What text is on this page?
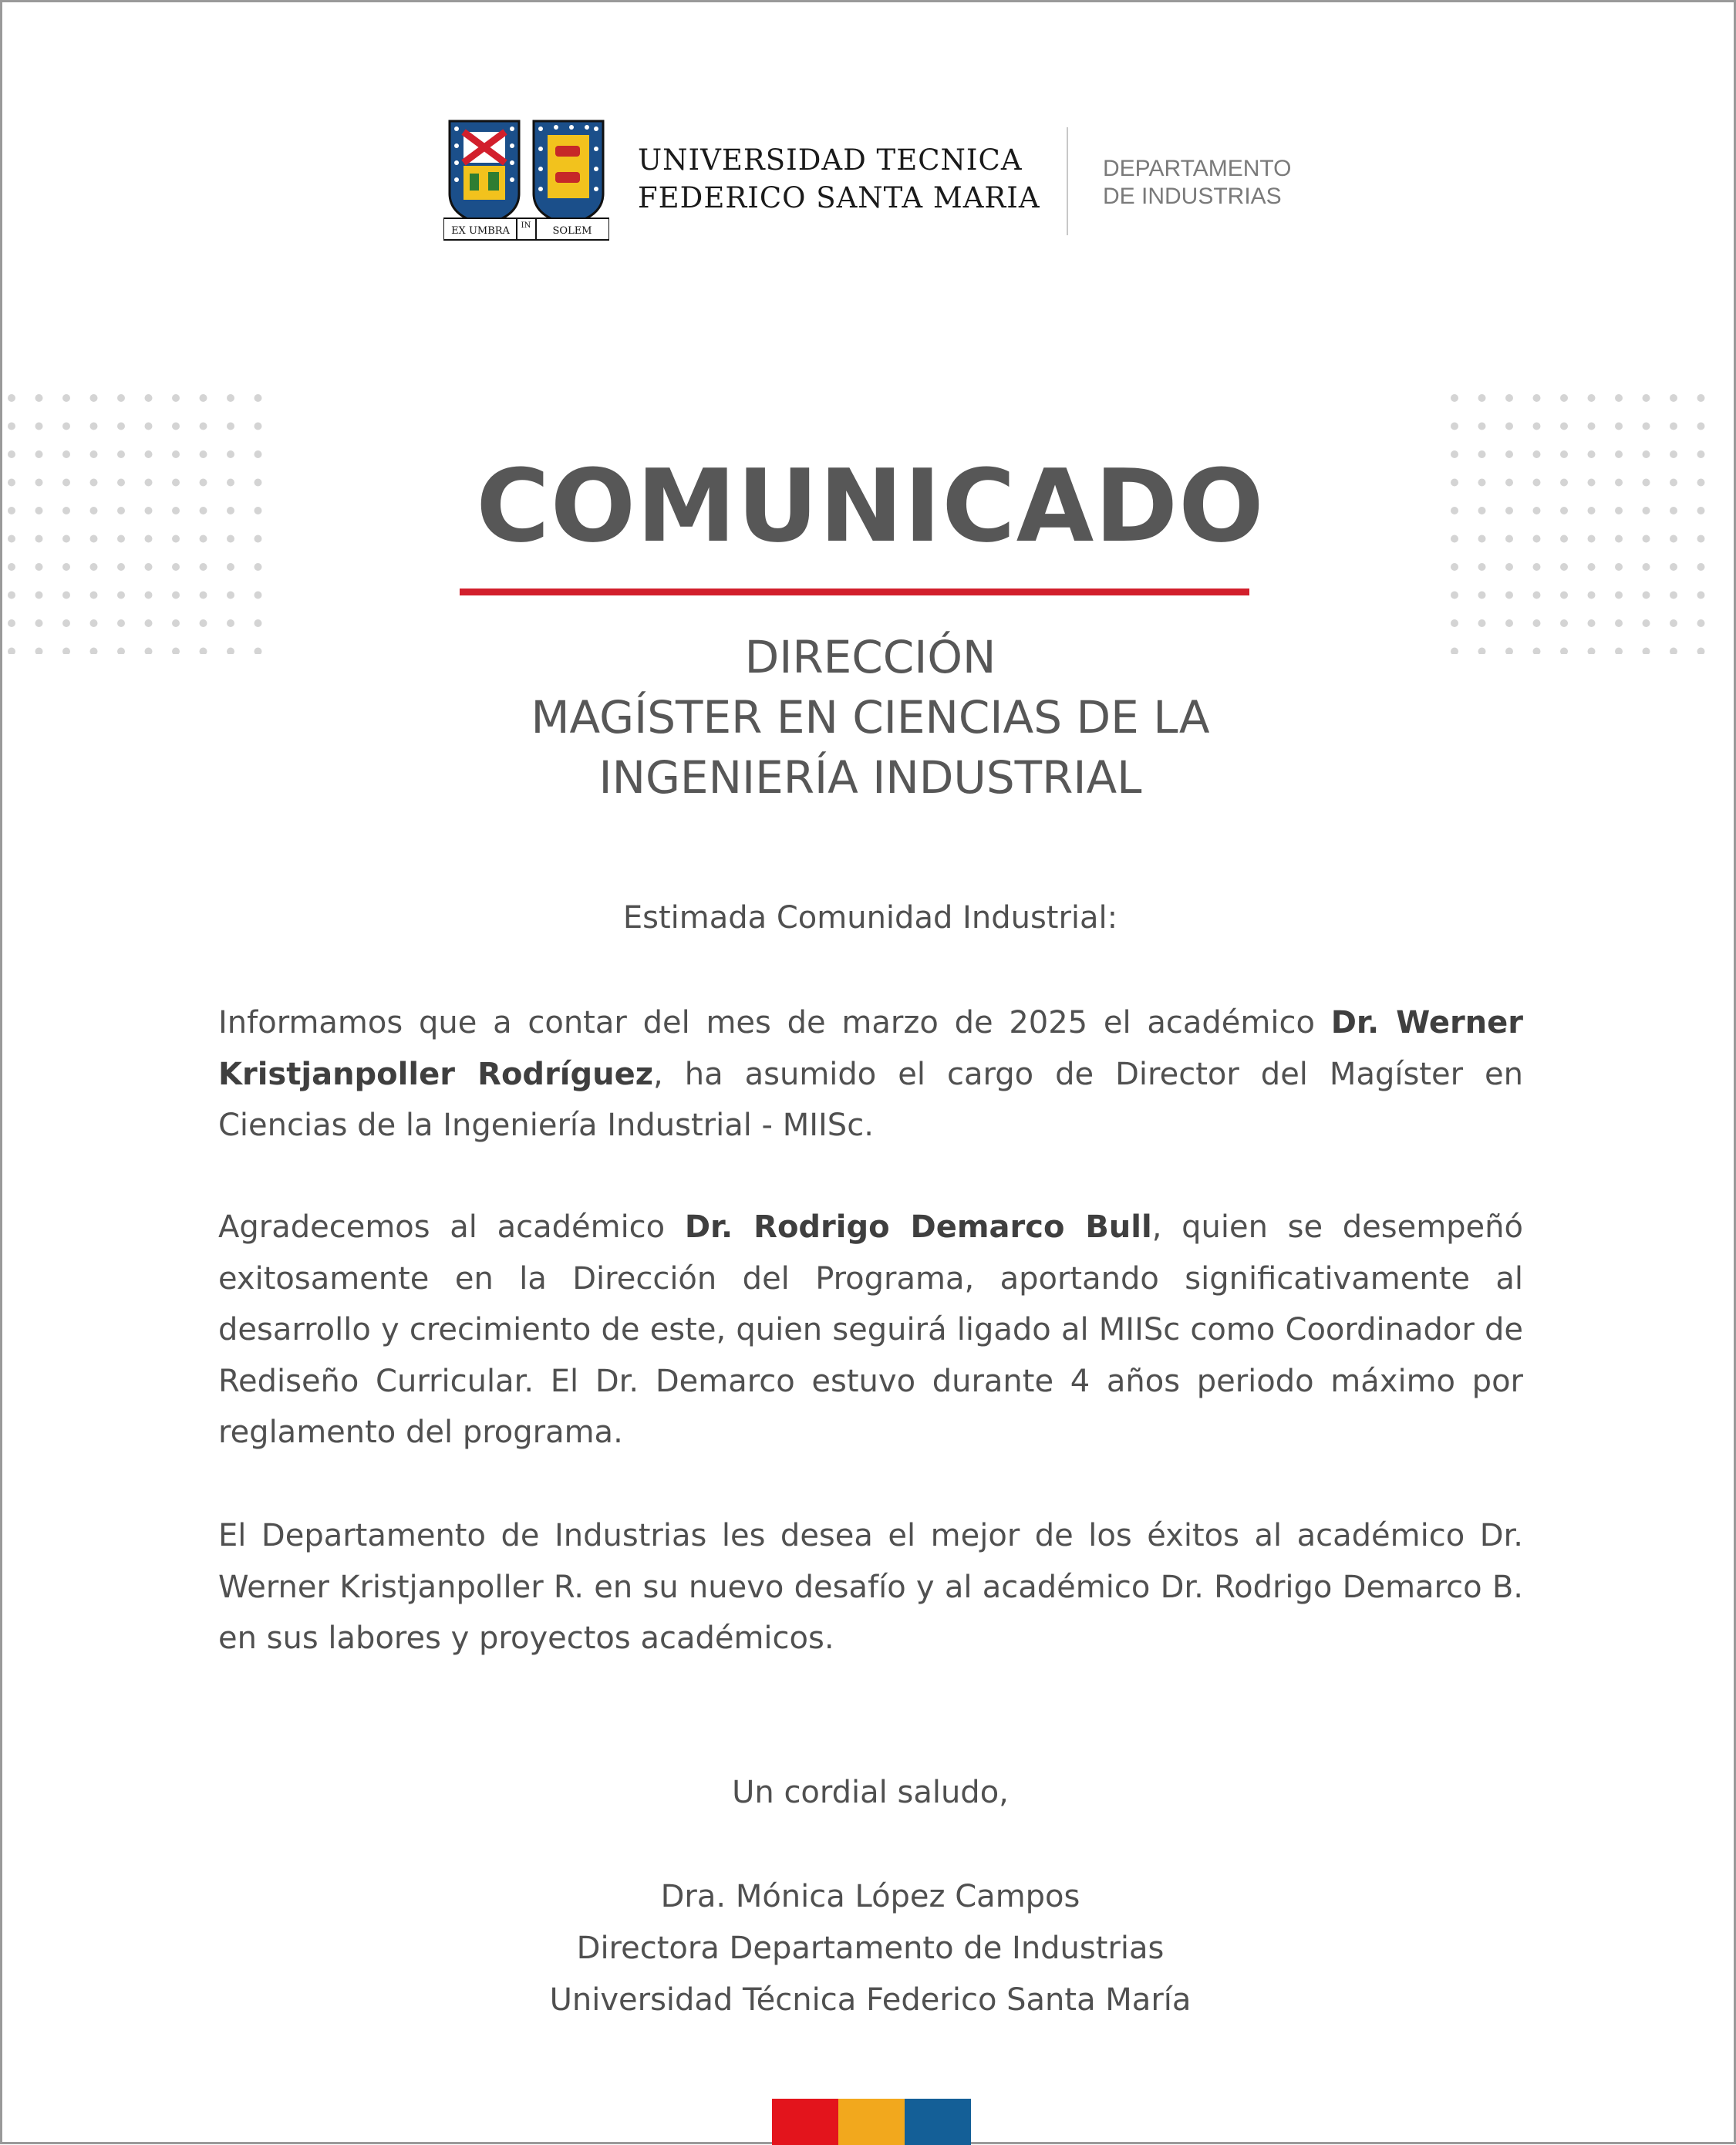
EX UMBRA IN SOLEM
UNIVERSIDAD TECNICA
FEDERICO SANTA MARIA
DEPARTAMENTO
DE INDUSTRIAS
COMUNICADO
DIRECCIÓN
MAGÍSTER EN CIENCIAS DE LA
INGENIERÍA INDUSTRIAL
Estimada Comunidad Industrial:
Informamos que a contar del mes de marzo de 2025 el académico Dr. Werner Kristjanpoller Rodríguez, ha asumido el cargo de Director del Magíster en Ciencias de la Ingeniería Industrial - MIISc.
Agradecemos al académico Dr. Rodrigo Demarco Bull, quien se desempeñó exitosamente en la Dirección del Programa, aportando significativamente al desarrollo y crecimiento de este, quien seguirá ligado al MIISc como Coordinador de Rediseño Curricular. El Dr. Demarco estuvo durante 4 años periodo máximo por reglamento del programa.
El Departamento de Industrias les desea el mejor de los éxitos al académico Dr. Werner Kristjanpoller R. en su nuevo desafío y al académico Dr. Rodrigo Demarco B. en sus labores y proyectos académicos.
Un cordial saludo,
Dra. Mónica López Campos
Directora Departamento de Industrias
Universidad Técnica Federico Santa María
